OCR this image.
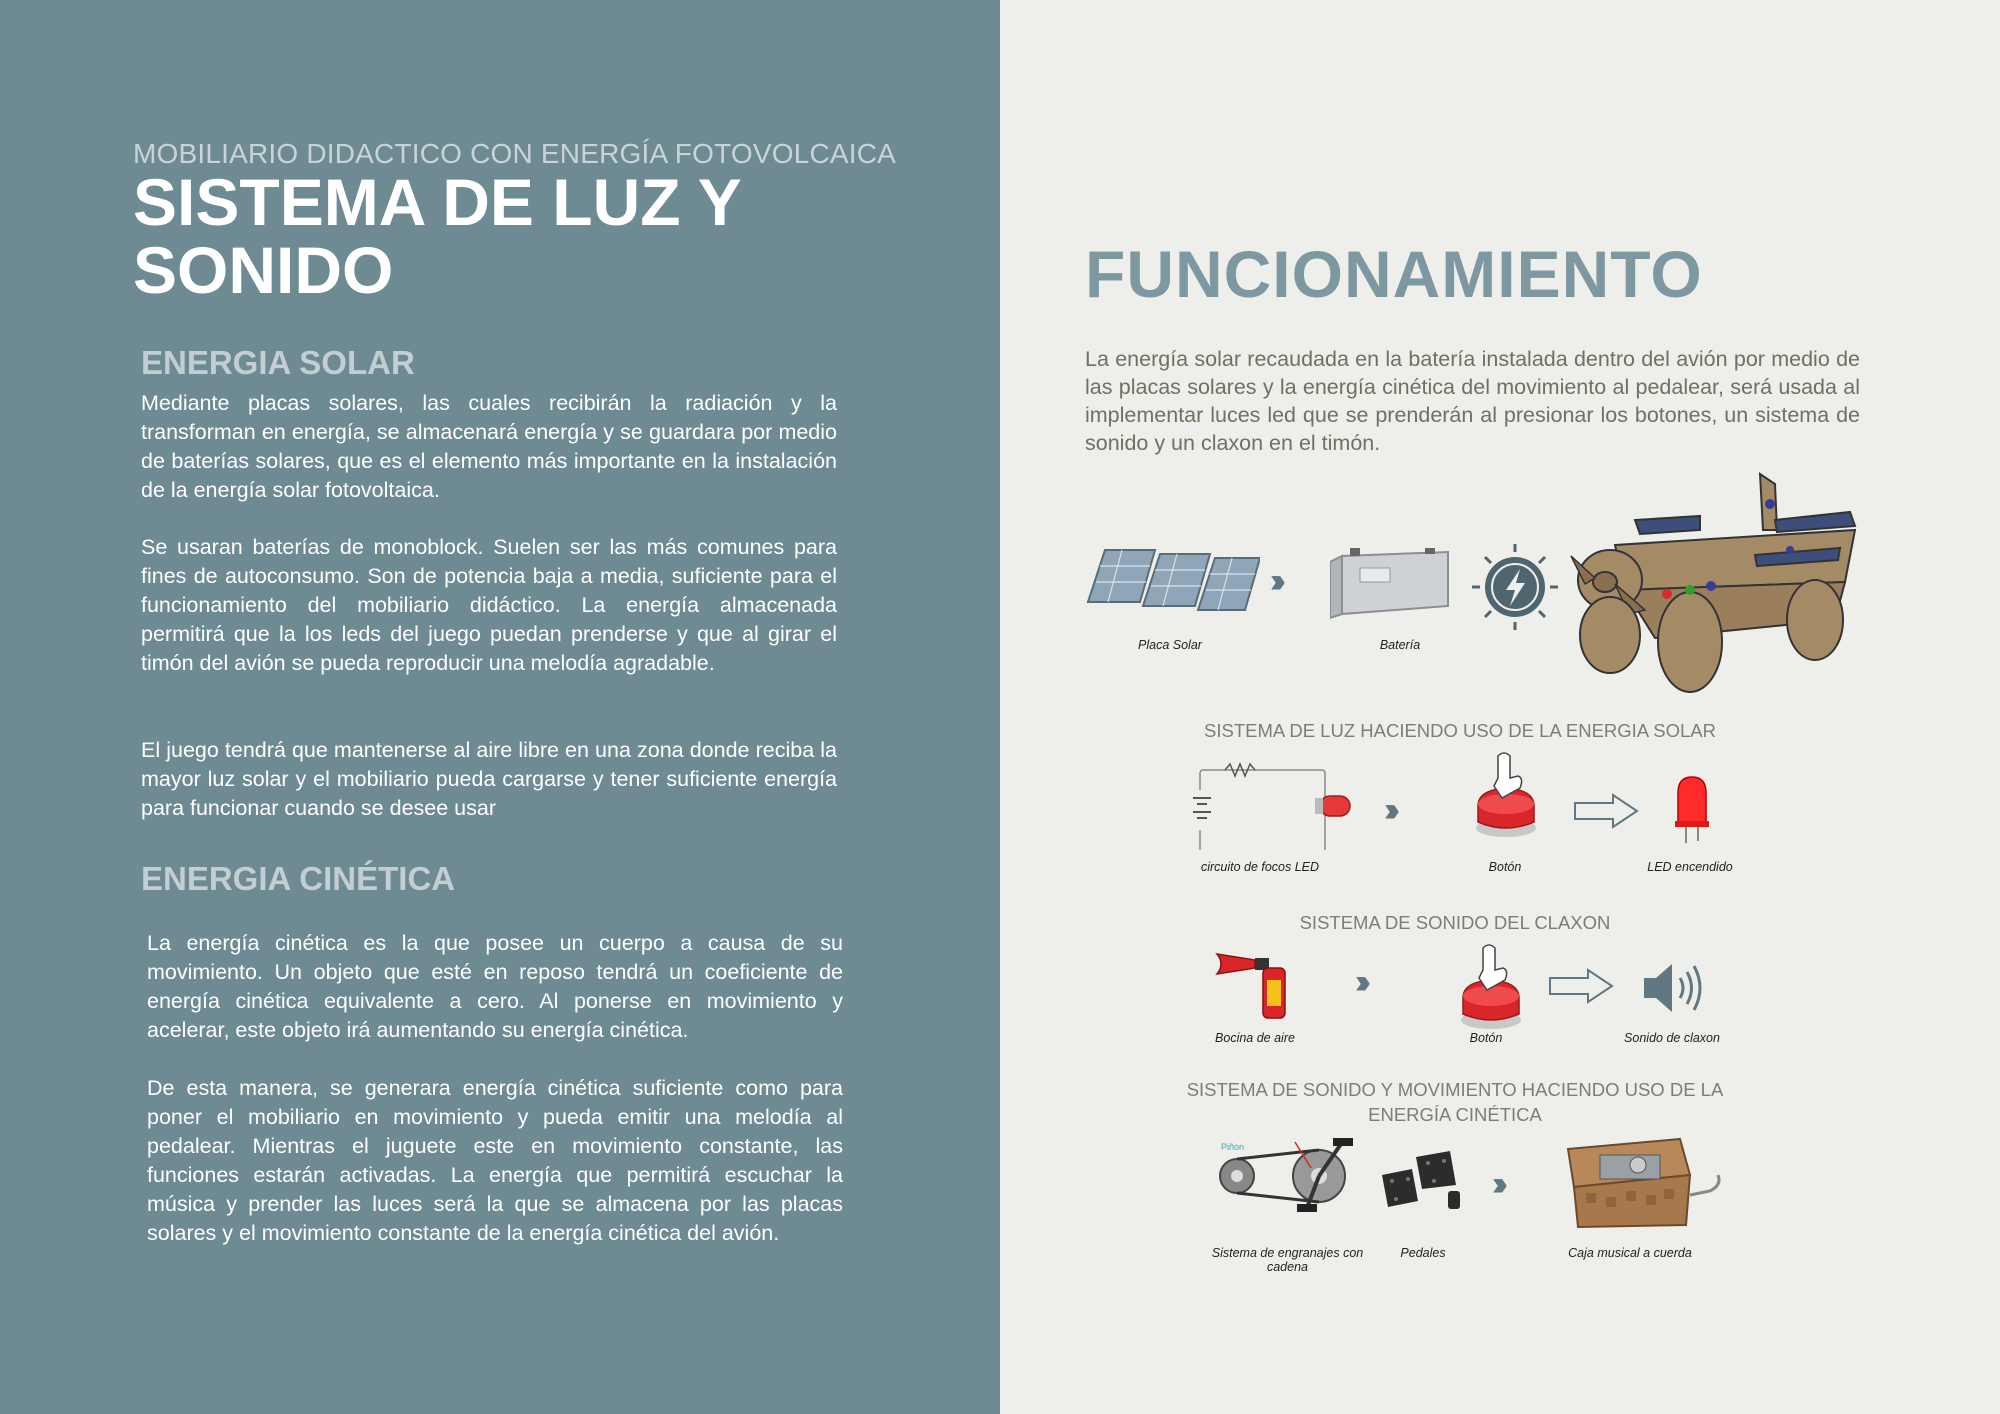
MOBILIARIO DIDACTICO CON ENERGÍA FOTOVOLCAICA
SISTEMA DE LUZ Y SONIDO
ENERGIA SOLAR
Mediante placas solares, las cuales recibirán la radiación y la transforman en energía, se almacenará energía y se guardara por medio de baterías solares, que es el elemento más importante en la instalación de la energía solar fotovoltaica.
Se usaran baterías de monoblock. Suelen ser las más comunes para fines de autoconsumo. Son de potencia baja a media, suficiente para el funcionamiento del mobiliario didáctico. La energía almacenada permitirá que la los leds del juego puedan prenderse y que al girar el timón del avión se pueda reproducir una melodía agradable.
El juego tendrá que mantenerse al aire libre en una zona donde reciba la mayor luz solar y el mobiliario pueda cargarse y tener suficiente energía para funcionar cuando se desee usar
ENERGIA CINÉTICA
La energía cinética es la que posee un cuerpo a causa de su movimiento. Un objeto que esté en reposo tendrá un coeficiente de energía cinética equivalente a cero. Al ponerse en movimiento y acelerar, este objeto irá aumentando su energía cinética.
De esta manera, se generara energía cinética suficiente como para poner el mobiliario en movimiento y pueda emitir una melodía al pedalear. Mientras el juguete este en movimiento constante, las funciones estarán activadas. La energía que permitirá escuchar la música y prender las luces será la que se almacena por las placas solares y el movimiento constante de la energía cinética del avión.
FUNCIONAMIENTO
La energía solar recaudada en la batería instalada dentro del avión por medio de las placas solares y la energía cinética del movimiento al pedalear, será usada al implementar luces led que se prenderán al presionar los botones, un sistema de sonido y un claxon en el timón.
Placa Solar
›››
Batería
SISTEMA DE LUZ HACIENDO USO DE LA ENERGIA SOLAR
circuito de focos LED
›››
Botón	LED encendido
SISTEMA DE SONIDO DEL CLAXON
Bocina de aire
›››
Botón	Sonido de claxon
SISTEMA DE SONIDO Y MOVIMIENTO HACIENDO USO DE LA ENERGÍA CINÉTICA
Piñon
Sistema de engranajes con cadena
Pedales
›››
Caja musical a cuerda
